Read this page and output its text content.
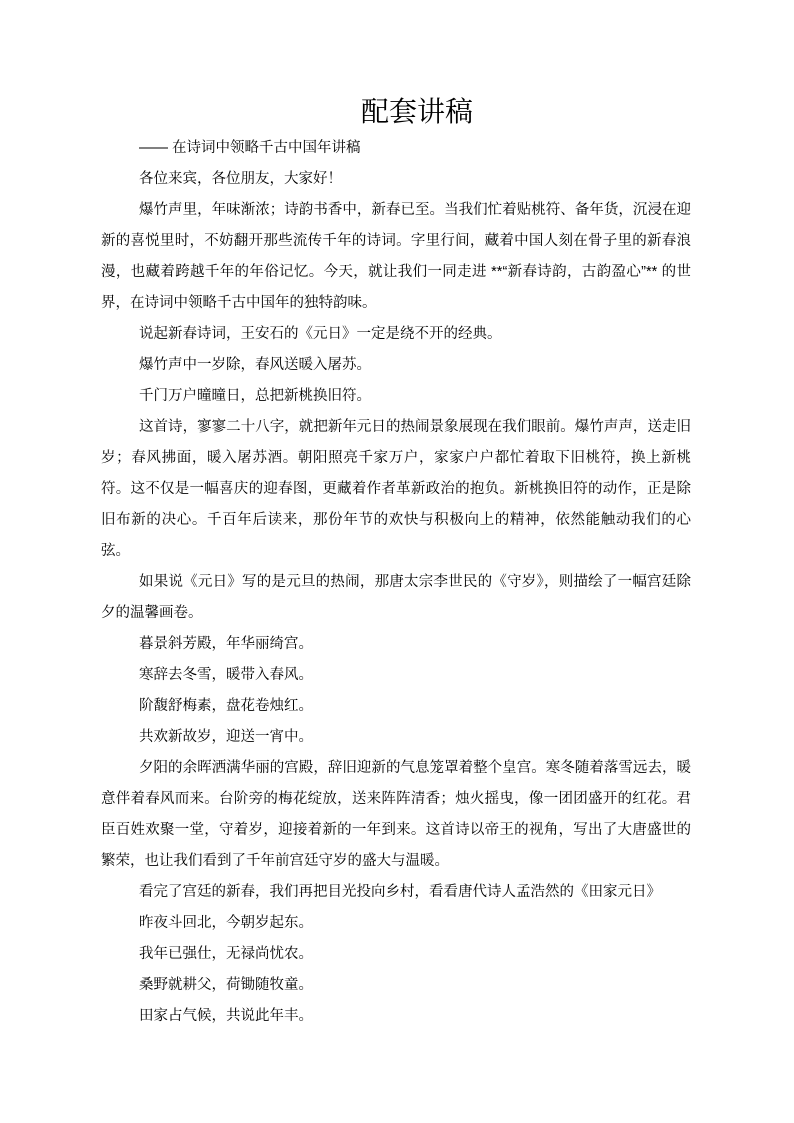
配套讲稿

—— 在诗词中领略千古中国年讲稿

各位来宾，各位朋友，大家好！

爆竹声里，年味渐浓；诗韵书香中，新春已至。当我们忙着贴桃符、备年货，沉浸在迎新的喜悦里时，不妨翻开那些流传千年的诗词。字里行间，藏着中国人刻在骨子里的新春浪漫，也藏着跨越千年的年俗记忆。今天，就让我们一同走进 **“新春诗韵，古韵盈心”** 的世界，在诗词中领略千古中国年的独特韵味。

说起新春诗词，王安石的《元日》一定是绕不开的经典。

爆竹声中一岁除，春风送暖入屠苏。

千门万户曈曈日，总把新桃换旧符。

这首诗，寥寥二十八字，就把新年元日的热闹景象展现在我们眼前。爆竹声声，送走旧岁；春风拂面，暖入屠苏酒。朝阳照亮千家万户，家家户户都忙着取下旧桃符，换上新桃符。这不仅是一幅喜庆的迎春图，更藏着作者革新政治的抱负。新桃换旧符的动作，正是除旧布新的决心。千百年后读来，那份年节的欢快与积极向上的精神，依然能触动我们的心弦。

如果说《元日》写的是元旦的热闹，那唐太宗李世民的《守岁》，则描绘了一幅宫廷除夕的温馨画卷。

暮景斜芳殿，年华丽绮宫。

寒辞去冬雪，暖带入春风。

阶馥舒梅素，盘花卷烛红。

共欢新故岁，迎送一宵中。

夕阳的余晖洒满华丽的宫殿，辞旧迎新的气息笼罩着整个皇宫。寒冬随着落雪远去，暖意伴着春风而来。台阶旁的梅花绽放，送来阵阵清香；烛火摇曳，像一团团盛开的红花。君臣百姓欢聚一堂，守着岁，迎接着新的一年到来。这首诗以帝王的视角，写出了大唐盛世的繁荣，也让我们看到了千年前宫廷守岁的盛大与温暖。

看完了宫廷的新春，我们再把目光投向乡村，看看唐代诗人孟浩然的《田家元日》

昨夜斗回北，今朝岁起东。

我年已强仕，无禄尚忧农。

桑野就耕父，荷锄随牧童。

田家占气候，共说此年丰。
